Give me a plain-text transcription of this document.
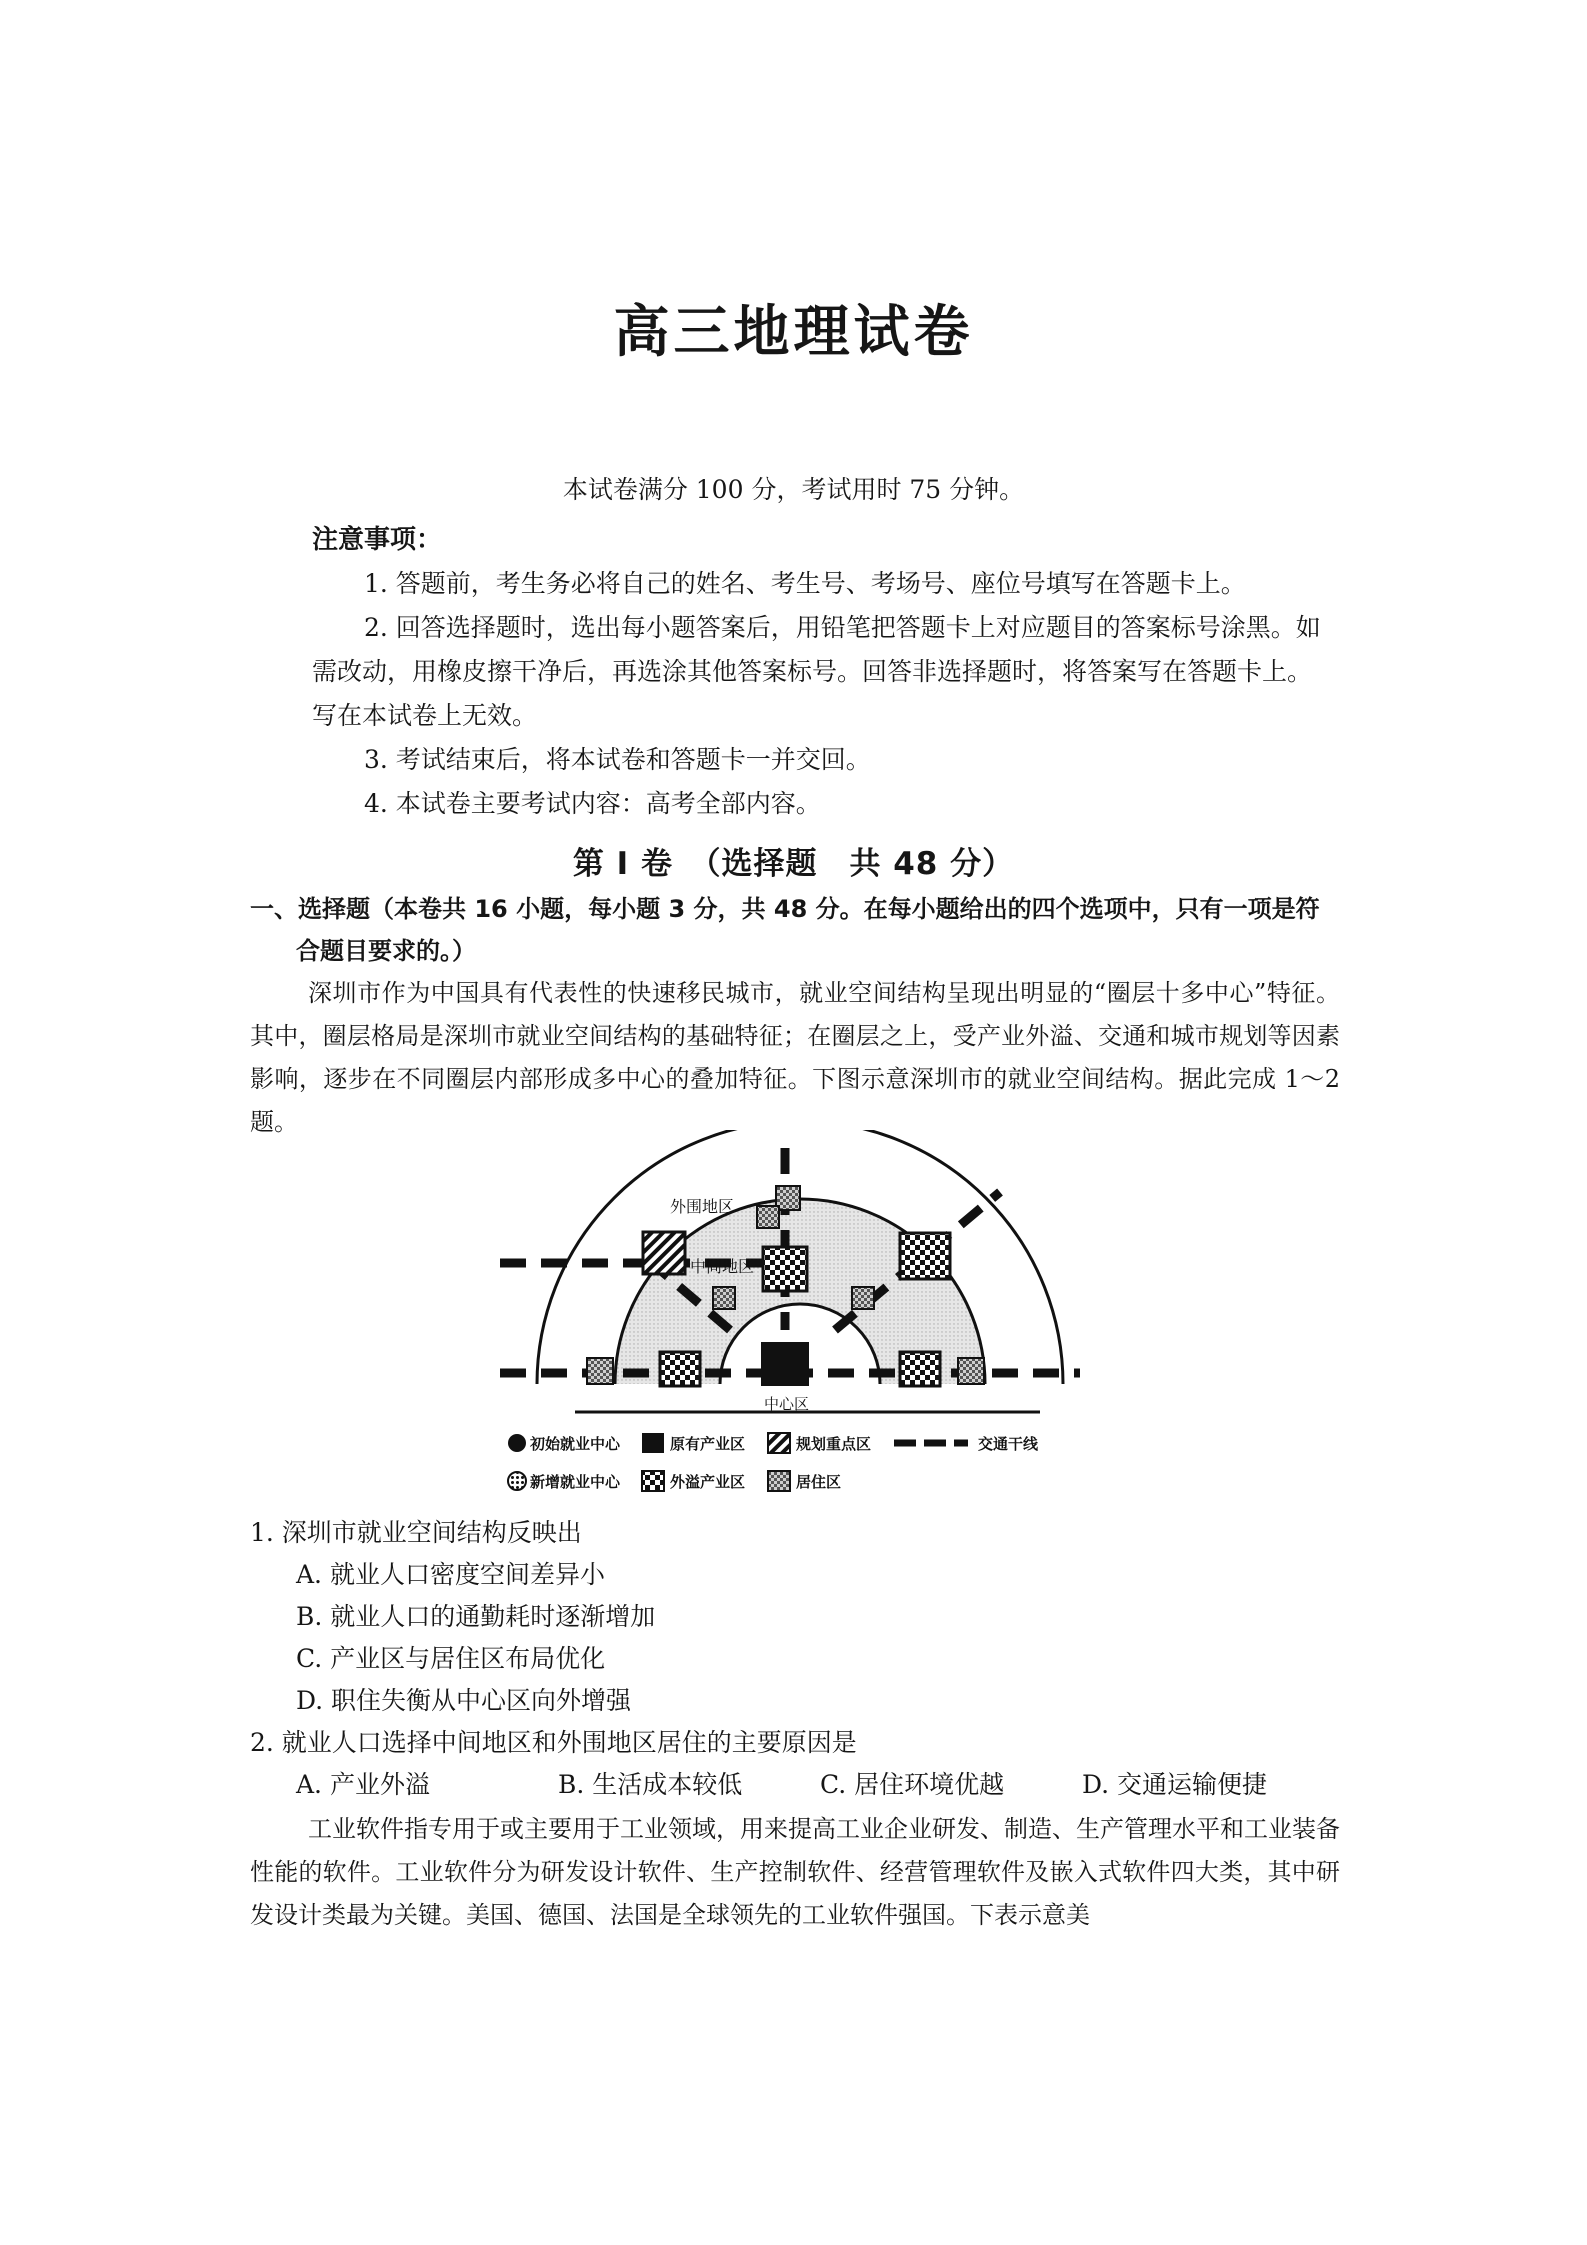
高三地理试卷
本试卷满分 100 分，考试用时 75 分钟。
注意事项：
1. 答题前，考生务必将自己的姓名、考生号、考场号、座位号填写在答题卡上。
2. 回答选择题时，选出每小题答案后，用铅笔把答题卡上对应题目的答案标号涂黑。如需改动，用橡皮擦干净后，再选涂其他答案标号。回答非选择题时，将答案写在答题卡上。写在本试卷上无效。
3. 考试结束后，将本试卷和答题卡一并交回。
4. 本试卷主要考试内容：高考全部内容。
第 Ⅰ 卷　（选择题　共 48 分）
一、选择题（本卷共 16 小题，每小题 3 分，共 48 分。在每小题给出的四个选项中，只有一项是符
合题目要求的。）
深圳市作为中国具有代表性的快速移民城市，就业空间结构呈现出明显的“圈层十多中心”特征。其中，圈层格局是深圳市就业空间结构的基础特征；在圈层之上，受产业外溢、交通和城市规划等因素影响，逐步在不同圈层内部形成多中心的叠加特征。下图示意深圳市的就业空间结构。据此完成 1～2 题。
外围地区
中间地区
中心区
初始就业中心	原有产业区	规划重点区	交通干线
新增就业中心	外溢产业区	居住区
1. 深圳市就业空间结构反映出
A. 就业人口密度空间差异小
B. 就业人口的通勤耗时逐渐增加
C. 产业区与居住区布局优化
D. 职住失衡从中心区向外增强
2. 就业人口选择中间地区和外围地区居住的主要原因是
A. 产业外溢	B. 生活成本较低	C. 居住环境优越	D. 交通运输便捷
工业软件指专用于或主要用于工业领域，用来提高工业企业研发、制造、生产管理水平和工业装备性能的软件。工业软件分为研发设计软件、生产控制软件、经营管理软件及嵌入式软件四大类，其中研发设计类最为关键。美国、德国、法国是全球领先的工业软件强国。下表示意美
